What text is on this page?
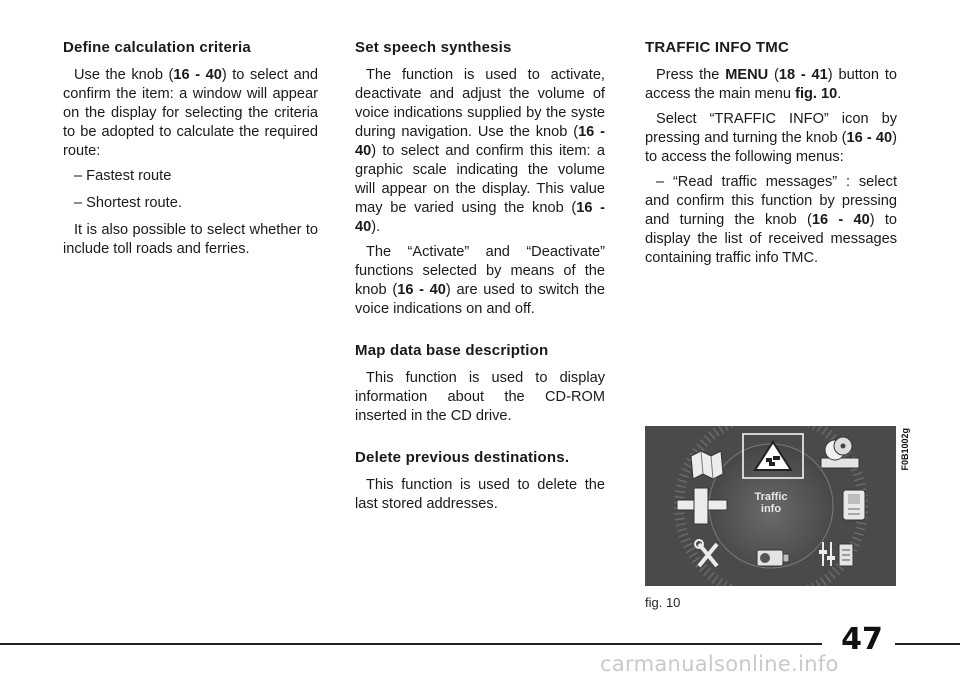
Define calculation criteria

Use the knob (16 - 40) to select and confirm the item: a window will appear on the display for selecting the criteria to be adopted to calculate the required route:

– Fastest route
– Shortest route.

It is also possible to select whether to include toll roads and ferries.

Set speech synthesis

The function is used to activate, deactivate and adjust the volume of voice indications supplied by the syste during navigation. Use the knob (16 - 40) to select and confirm this item: a graphic scale indicating the volume will appear on the display. This value may be varied using the knob (16 - 40).

The “Activate” and “Deactivate” functions selected by means of the knob (16 - 40) are used to switch the voice indications on and off.

Map data base description

This function is used to display information about the CD-ROM inserted in the CD drive.

Delete previous destinations.

This function is used to delete the last stored addresses.

TRAFFIC INFO TMC

Press the MENU (18 - 41) button to access the main menu fig. 10.

Select “TRAFFIC INFO” icon by pressing and turning the knob (16 - 40) to access the following menus:

– “Read traffic messages” : select and confirm this function by pressing and turning the knob (16 - 40) to display the list of received messages containing traffic info TMC.

Traffic
info
F0B1002g
fig. 10
47
carmanualsonline.info
